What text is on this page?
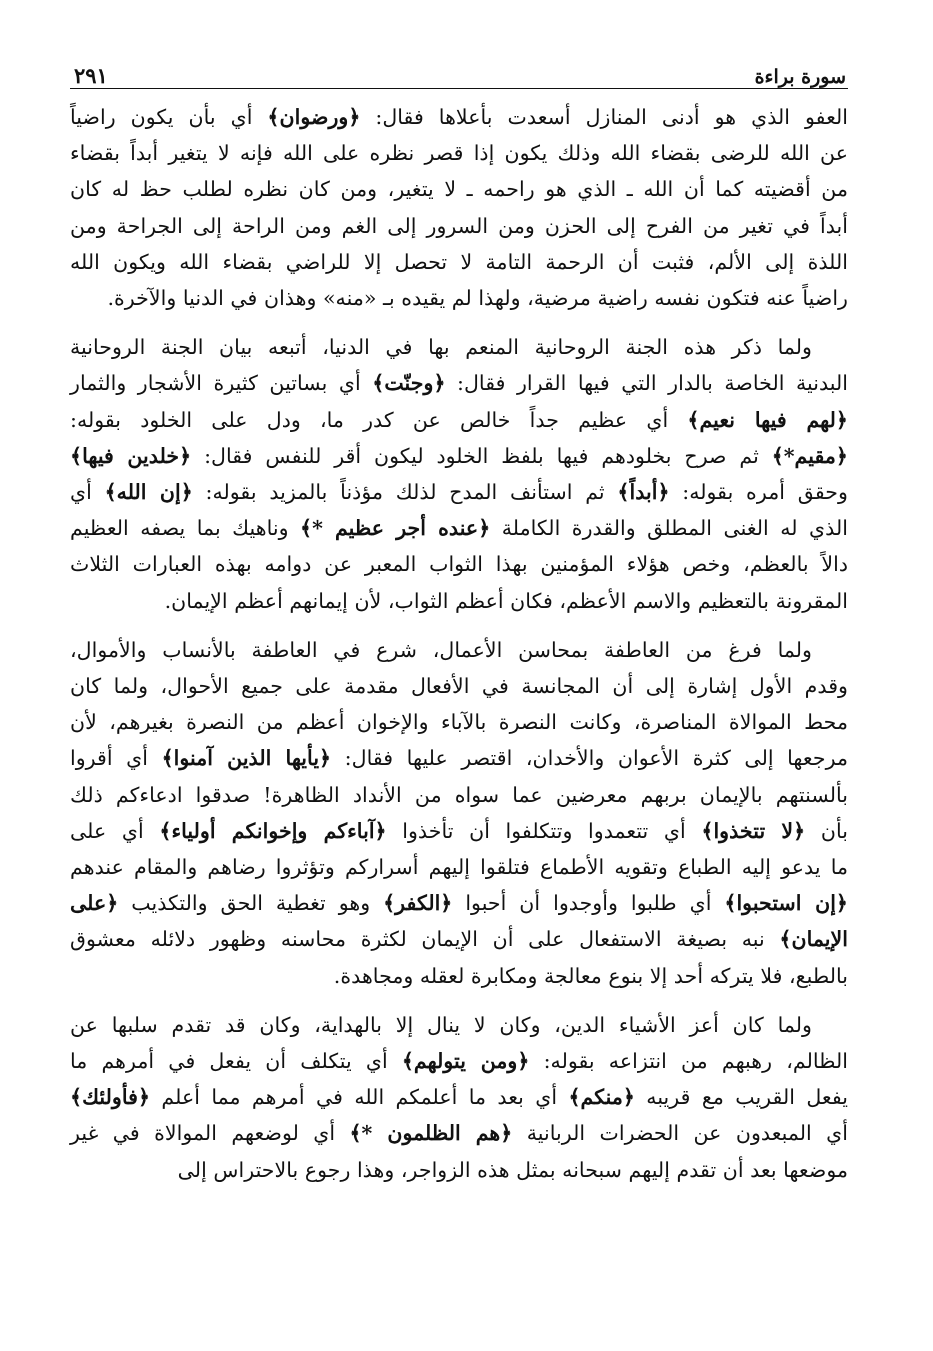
سورة براءة
٢٩١
العفو الذي هو أدنى المنازل أسعدت بأعلاها فقال: ﴿ورضوان﴾ أي بأن يكون راضياً
عن الله للرضى بقضاء الله وذلك يكون إذا قصر نظره على الله فإنه لا يتغير أبداً بقضاء
من أقضيته كما أن الله ـ الذي هو راحمه ـ لا يتغير، ومن كان نظره لطلب حظ له كان
أبداً في تغير من الفرح إلى الحزن ومن السرور إلى الغم ومن الراحة إلى الجراحة ومن
اللذة إلى الألم، فثبت أن الرحمة التامة لا تحصل إلا للراضي بقضاء الله ويكون الله
راضياً عنه فتكون نفسه راضية مرضية، ولهذا لم يقيده بـ «منه» وهذان في الدنيا والآخرة.
ولما ذكر هذه الجنة الروحانية المنعم بها في الدنيا، أتبعه بيان الجنة الروحانية
البدنية الخاصة بالدار التي فيها القرار فقال: ﴿وجنّت﴾ أي بساتين كثيرة الأشجار والثمار
﴿لهم فيها نعيم﴾ أي عظيم جداً خالص عن كدر ما، ودل على الخلود بقوله:
﴿مقيم*﴾ ثم صرح بخلودهم فيها بلفظ الخلود ليكون أقر للنفس فقال: ﴿خلدين فيها﴾
وحقق أمره بقوله: ﴿أبداً﴾ ثم استأنف المدح لذلك مؤذناً بالمزيد بقوله: ﴿إن الله﴾ أي
الذي له الغنى المطلق والقدرة الكاملة ﴿عنده أجر عظيم *﴾ وناهيك بما يصفه العظيم
دالاً بالعظم، وخص هؤلاء المؤمنين بهذا الثواب المعبر عن دوامه بهذه العبارات الثلاث
المقرونة بالتعظيم والاسم الأعظم، فكان أعظم الثواب، لأن إيمانهم أعظم الإيمان.
ولما فرغ من العاطفة بمحاسن الأعمال، شرع في العاطفة بالأنساب والأموال،
وقدم الأول إشارة إلى أن المجانسة في الأفعال مقدمة على جميع الأحوال، ولما كان
محط الموالاة المناصرة، وكانت النصرة بالآباء والإخوان أعظم من النصرة بغيرهم، لأن
مرجعها إلى كثرة الأعوان والأخدان، اقتصر عليها فقال: ﴿يأيها الذين آمنوا﴾ أي أقروا
بألسنتهم بالإيمان بربهم معرضين عما سواه من الأنداد الظاهرة! صدقوا ادعاءكم ذلك
بأن ﴿لا تتخذوا﴾ أي تتعمدوا وتتكلفوا أن تأخذوا ﴿آباءكم وإخوانكم أولياء﴾ أي على
ما يدعو إليه الطباع وتقويه الأطماع فتلقوا إليهم أسراركم وتؤثروا رضاهم والمقام عندهم
﴿إن استحبوا﴾ أي طلبوا وأوجدوا أن أحبوا ﴿الكفر﴾ وهو تغطية الحق والتكذيب ﴿على
الإيمان﴾ نبه بصيغة الاستفعال على أن الإيمان لكثرة محاسنه وظهور دلائله معشوق
بالطبع، فلا يتركه أحد إلا بنوع معالجة ومكابرة لعقله ومجاهدة.
ولما كان أعز الأشياء الدين، وكان لا ينال إلا بالهداية، وكان قد تقدم سلبها عن
الظالم، رهبهم من انتزاعه بقوله: ﴿ومن يتولهم﴾ أي يتكلف أن يفعل في أمرهم ما
يفعل القريب مع قريبه ﴿منكم﴾ أي بعد ما أعلمكم الله في أمرهم مما أعلم ﴿فأولئك﴾
أي المبعدون عن الحضرات الربانية ﴿هم الظلمون *﴾ أي لوضعهم الموالاة في غير
موضعها بعد أن تقدم إليهم سبحانه بمثل هذه الزواجر، وهذا رجوع بالاحتراس إلى
